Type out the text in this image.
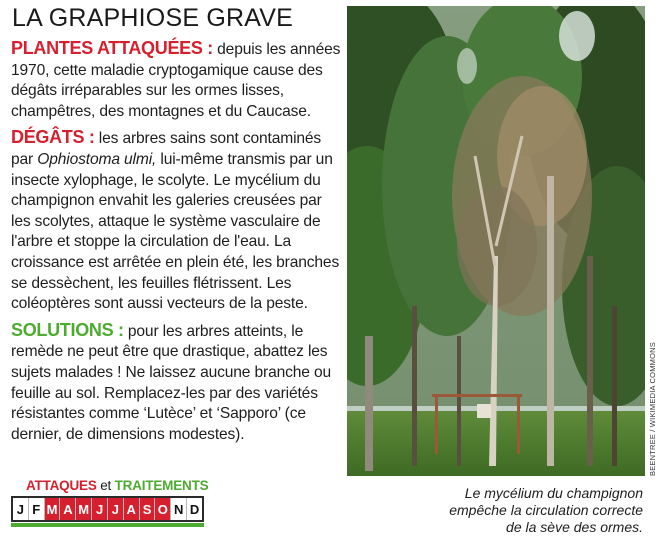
LA GRAPHIOSE GRAVE

PLANTES ATTAQUÉES : depuis les années 1970, cette maladie cryptogamique cause des dégâts irréparables sur les ormes lisses, champêtres, des montagnes et du Caucase.

DÉGÂTS : les arbres sains sont contaminés par Ophiostoma ulmi, lui-même transmis par un insecte xylophage, le scolyte. Le mycélium du champignon envahit les galeries creusées par les scolytes, attaque le système vasculaire de l'arbre et stoppe la circulation de l'eau. La croissance est arrêtée en plein été, les branches se dessèchent, les feuilles flétrissent. Les coléoptères sont aussi vecteurs de la peste.

SOLUTIONS : pour les arbres atteints, le remède ne peut être que drastique, abattez les sujets malades ! Ne laissez aucune branche ou feuille au sol. Remplacez-les par des variétés résistantes comme ‘Lutèce’ et ‘Sapporo’ (ce dernier, de dimensions modestes).

ATTAQUES et TRAITEMENTS
J F M A M J J A S O N D
BEENTREE / WIKIMEDIA COMMONS
Le mycélium du champignon
empêche la circulation correcte
de la sève des ormes.
